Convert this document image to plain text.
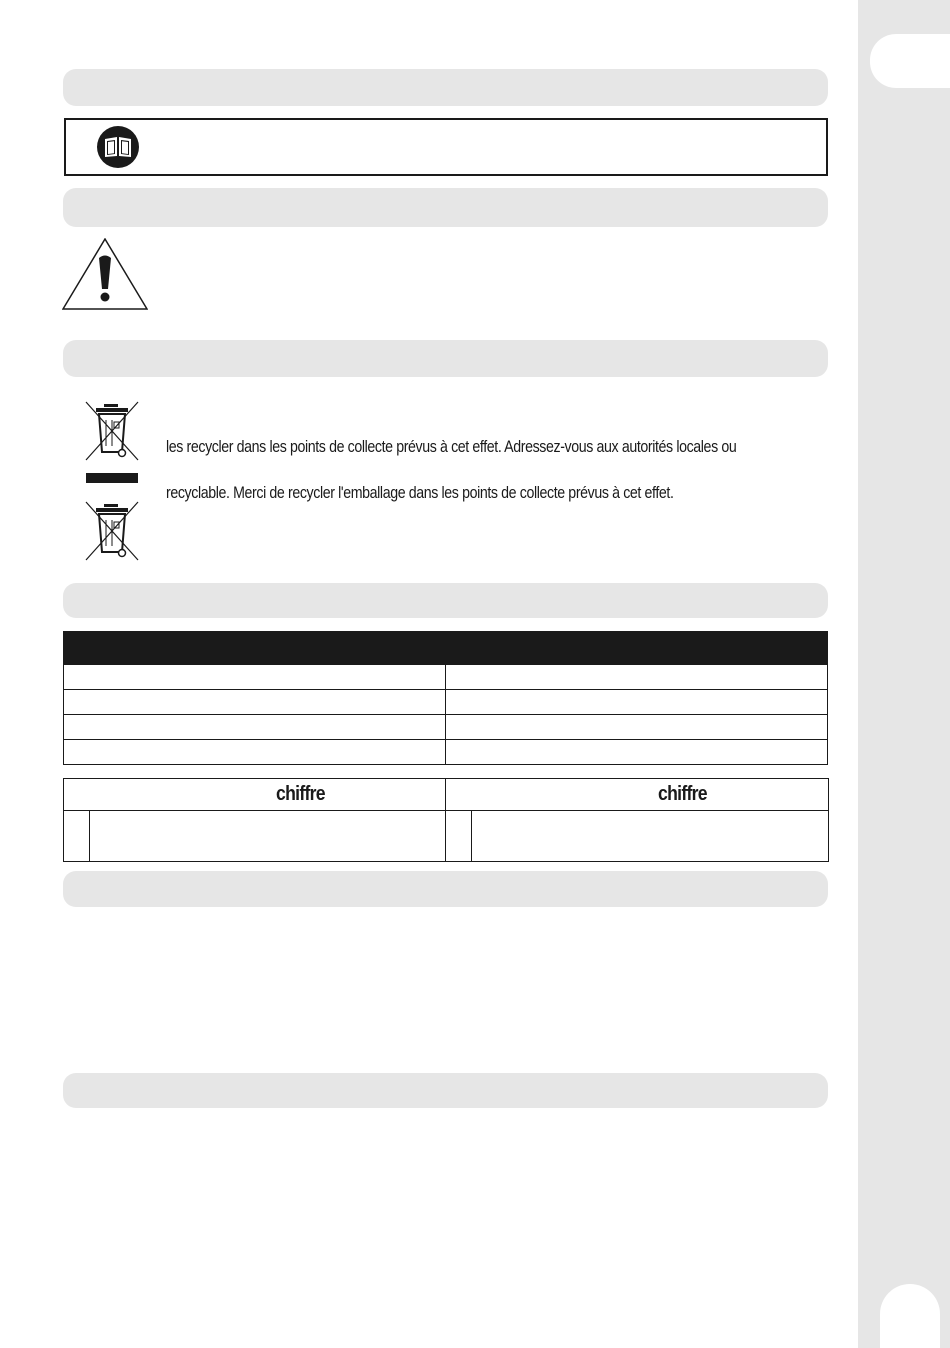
les recycler dans les points de collecte prévus à cet effet. Adressez-vous aux autorités locales ou
recyclable. Merci de recycler l'emballage dans les points de collecte prévus à cet effet.

chiffre		chiffre	
